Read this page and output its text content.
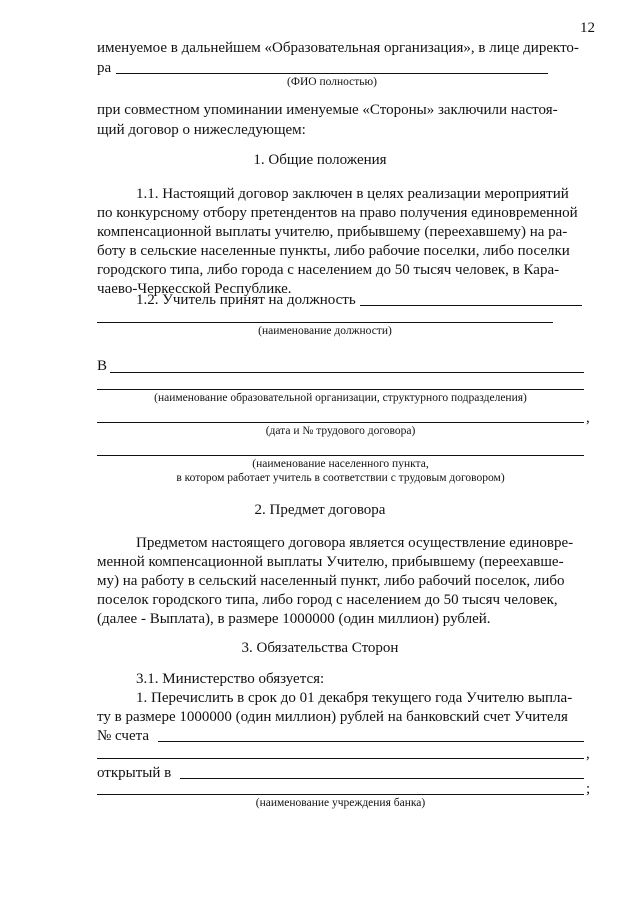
12
именуемое в дальнейшем «Образовательная организация», в лице директо-
ра
(ФИО полностью)
при совместном упоминании именуемые «Стороны» заключили настоя-
щий договор о нижеследующем:
1. Общие положения
1.1. Настоящий договор заключен в целях реализации мероприятий
по конкурсному отбору претендентов на право получения единовременной
компенсационной выплаты учителю, прибывшему (переехавшему) на ра-
боту в сельские населенные пункты, либо рабочие поселки, либо поселки
городского типа, либо города с населением до 50 тысяч человек, в Кара-
чаево-Черкесской Республике.
1.2. Учитель принят на должность
(наименование должности)
В
(наименование образовательной организации, структурного подразделения)
,
(дата и № трудового договора)
(наименование населенного пункта,
в котором работает учитель в соответствии с трудовым договором)
2. Предмет договора
Предметом настоящего договора является осуществление единовре-
менной компенсационной выплаты Учителю, прибывшему (переехавше-
му) на работу в сельский населенный пункт, либо рабочий поселок, либо
поселок городского типа, либо город с населением до 50 тысяч человек,
(далее - Выплата), в размере 1000000 (один миллион) рублей.
3. Обязательства Сторон
3.1. Министерство обязуется:
1. Перечислить в срок до 01 декабря текущего года Учителю выпла-
ту в размере 1000000 (один миллион) рублей на банковский счет Учителя
№ счета
,
открытый в
;
(наименование учреждения банка)
